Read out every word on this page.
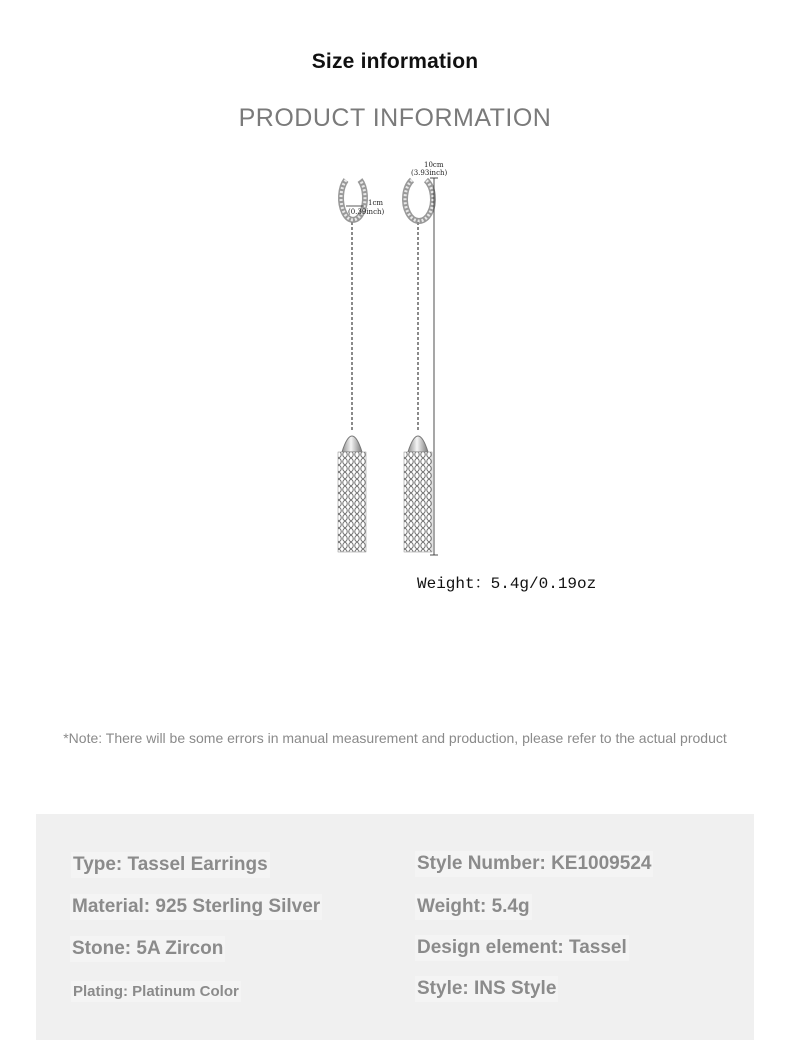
Size information
PRODUCT INFORMATION
1cm
(0.39inch)
10cm
(3.93inch)
Weight：5.4g/0.19oz
*Note: There will be some errors in manual measurement and production, please refer to the actual product
Type: Tassel Earrings
Material: 925 Sterling Silver
Stone: 5A Zircon
Plating: Platinum Color
Style Number: KE1009524
Weight: 5.4g
Design element: Tassel
Style: INS Style
